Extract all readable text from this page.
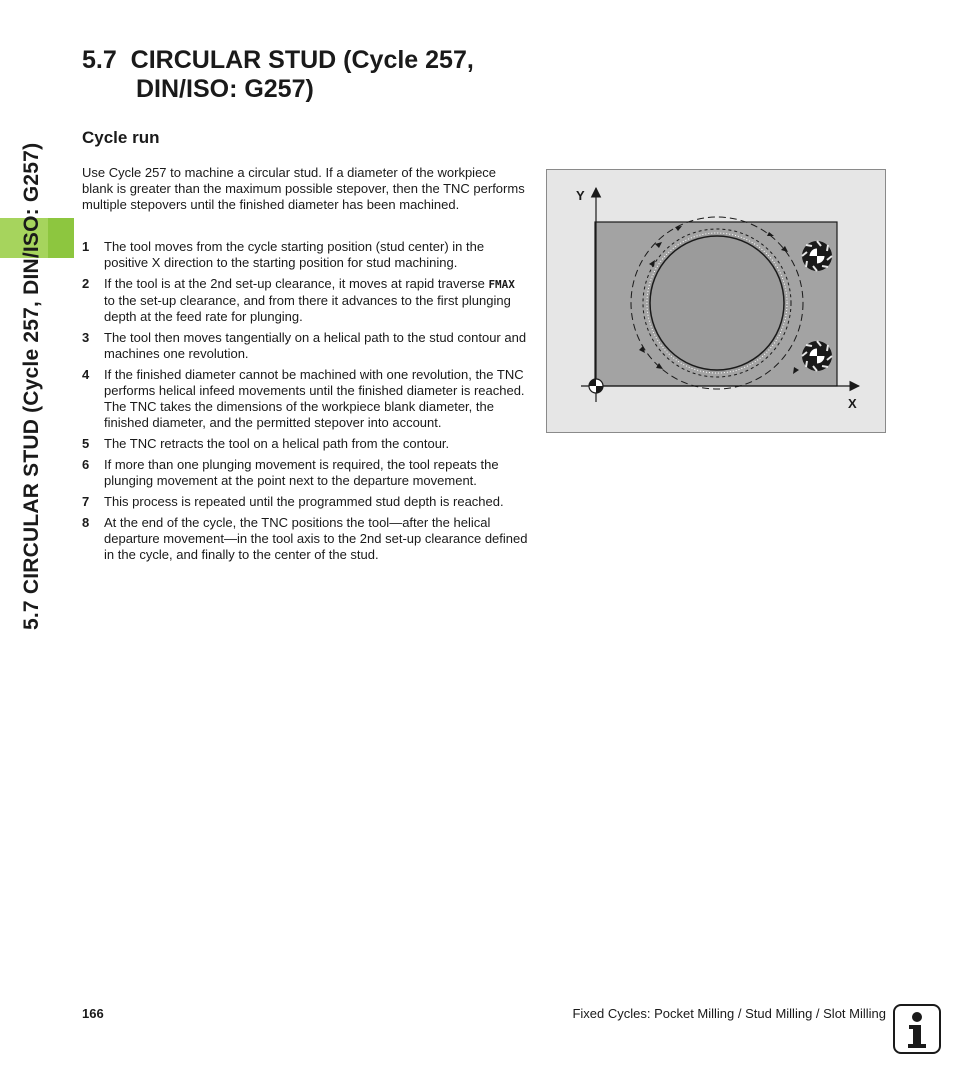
5.7 CIRCULAR STUD (Cycle 257, DIN/ISO: G257)
5.7 CIRCULAR STUD (Cycle 257,
DIN/ISO: G257)
Cycle run

Use Cycle 257 to machine a circular stud. If a diameter of the workpiece blank is greater than the maximum possible stepover, then the TNC performs multiple stepovers until the finished diameter has been machined.

1 The tool moves from the cycle starting position (stud center) in the positive X direction to the starting position for stud machining.
2 If the tool is at the 2nd set-up clearance, it moves at rapid traverse FMAX to the set-up clearance, and from there it advances to the first plunging depth at the feed rate for plunging.
3 The tool then moves tangentially on a helical path to the stud contour and machines one revolution.
4 If the finished diameter cannot be machined with one revolution, the TNC performs helical infeed movements until the finished diameter is reached. The TNC takes the dimensions of the workpiece blank diameter, the finished diameter, and the permitted stepover into account.
5 The TNC retracts the tool on a helical path from the contour.
6 If more than one plunging movement is required, the tool repeats the plunging movement at the point next to the departure movement.
7 This process is repeated until the programmed stud depth is reached.
8 At the end of the cycle, the TNC positions the tool—after the helical departure movement—in the tool axis to the 2nd set-up clearance defined in the cycle, and finally to the center of the stud.
Y
X
166	Fixed Cycles: Pocket Milling / Stud Milling / Slot Milling
